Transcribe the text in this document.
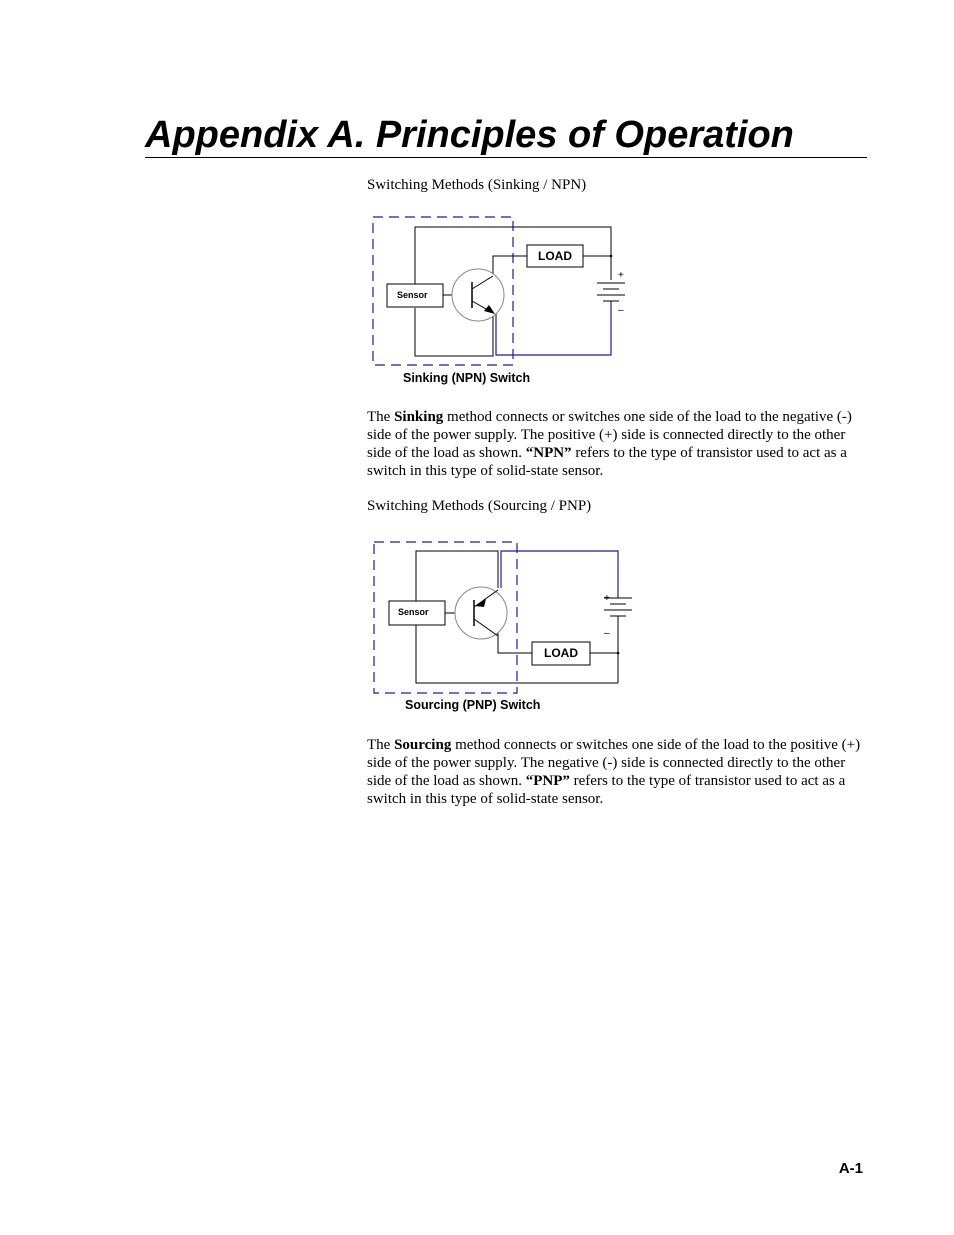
Appendix A. Principles of Operation

Switching Methods (Sinking / NPN)

LOAD
+
–
Sensor
Sinking (NPN) Switch

The Sinking method connects or switches one side of the load to the negative (-) side of the power supply. The positive (+) side is connected directly to the other side of the load as shown. “NPN” refers to the type of transistor used to act as a switch in this type of solid-state sensor.

Switching Methods (Sourcing / PNP)

+
–
LOAD
Sensor
Sourcing (PNP) Switch

The Sourcing method connects or switches one side of the load to the positive (+) side of the power supply. The negative (-) side is connected directly to the other side of the load as shown. “PNP” refers to the type of transistor used to act as a switch in this type of solid-state sensor.

A-1
